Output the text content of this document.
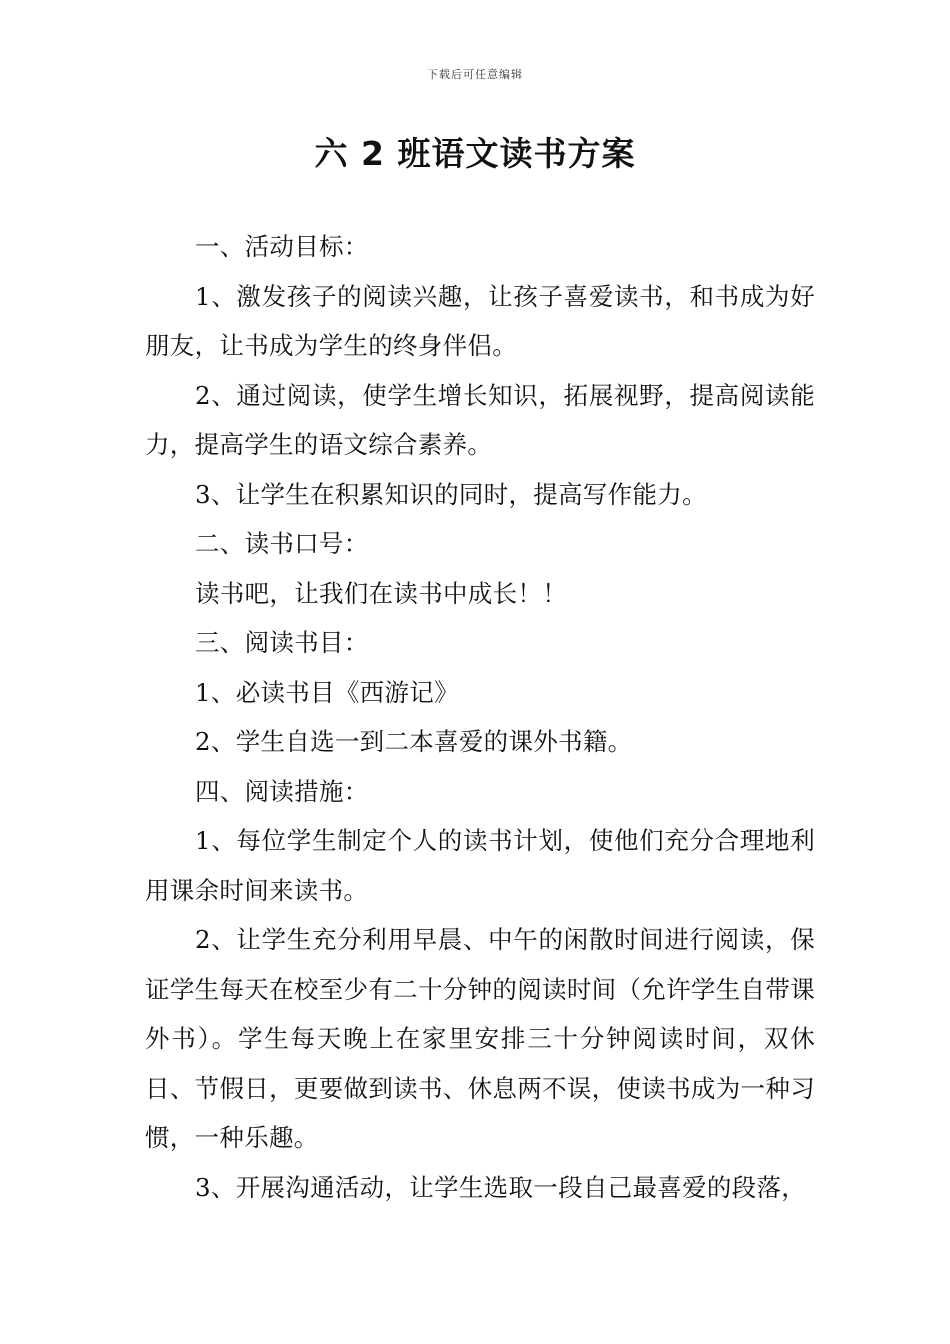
下载后可任意编辑
六 2 班语文读书方案

一、活动目标：

1、激发孩子的阅读兴趣，让孩子喜爱读书，和书成为好朋友，让书成为学生的终身伴侣。

2、通过阅读，使学生增长知识，拓展视野，提高阅读能力，提高学生的语文综合素养。

3、让学生在积累知识的同时，提高写作能力。

二、读书口号：

读书吧，让我们在读书中成长！！

三、阅读书目：

1、必读书目《西游记》

2、学生自选一到二本喜爱的课外书籍。

四、阅读措施：

1、每位学生制定个人的读书计划，使他们充分合理地利用课余时间来读书。

2、让学生充分利用早晨、中午的闲散时间进行阅读，保证学生每天在校至少有二十分钟的阅读时间（允许学生自带课外书）。学生每天晚上在家里安排三十分钟阅读时间，双休日、节假日，更要做到读书、休息两不误，使读书成为一种习惯，一种乐趣。

3、开展沟通活动，让学生选取一段自己最喜爱的段落，
